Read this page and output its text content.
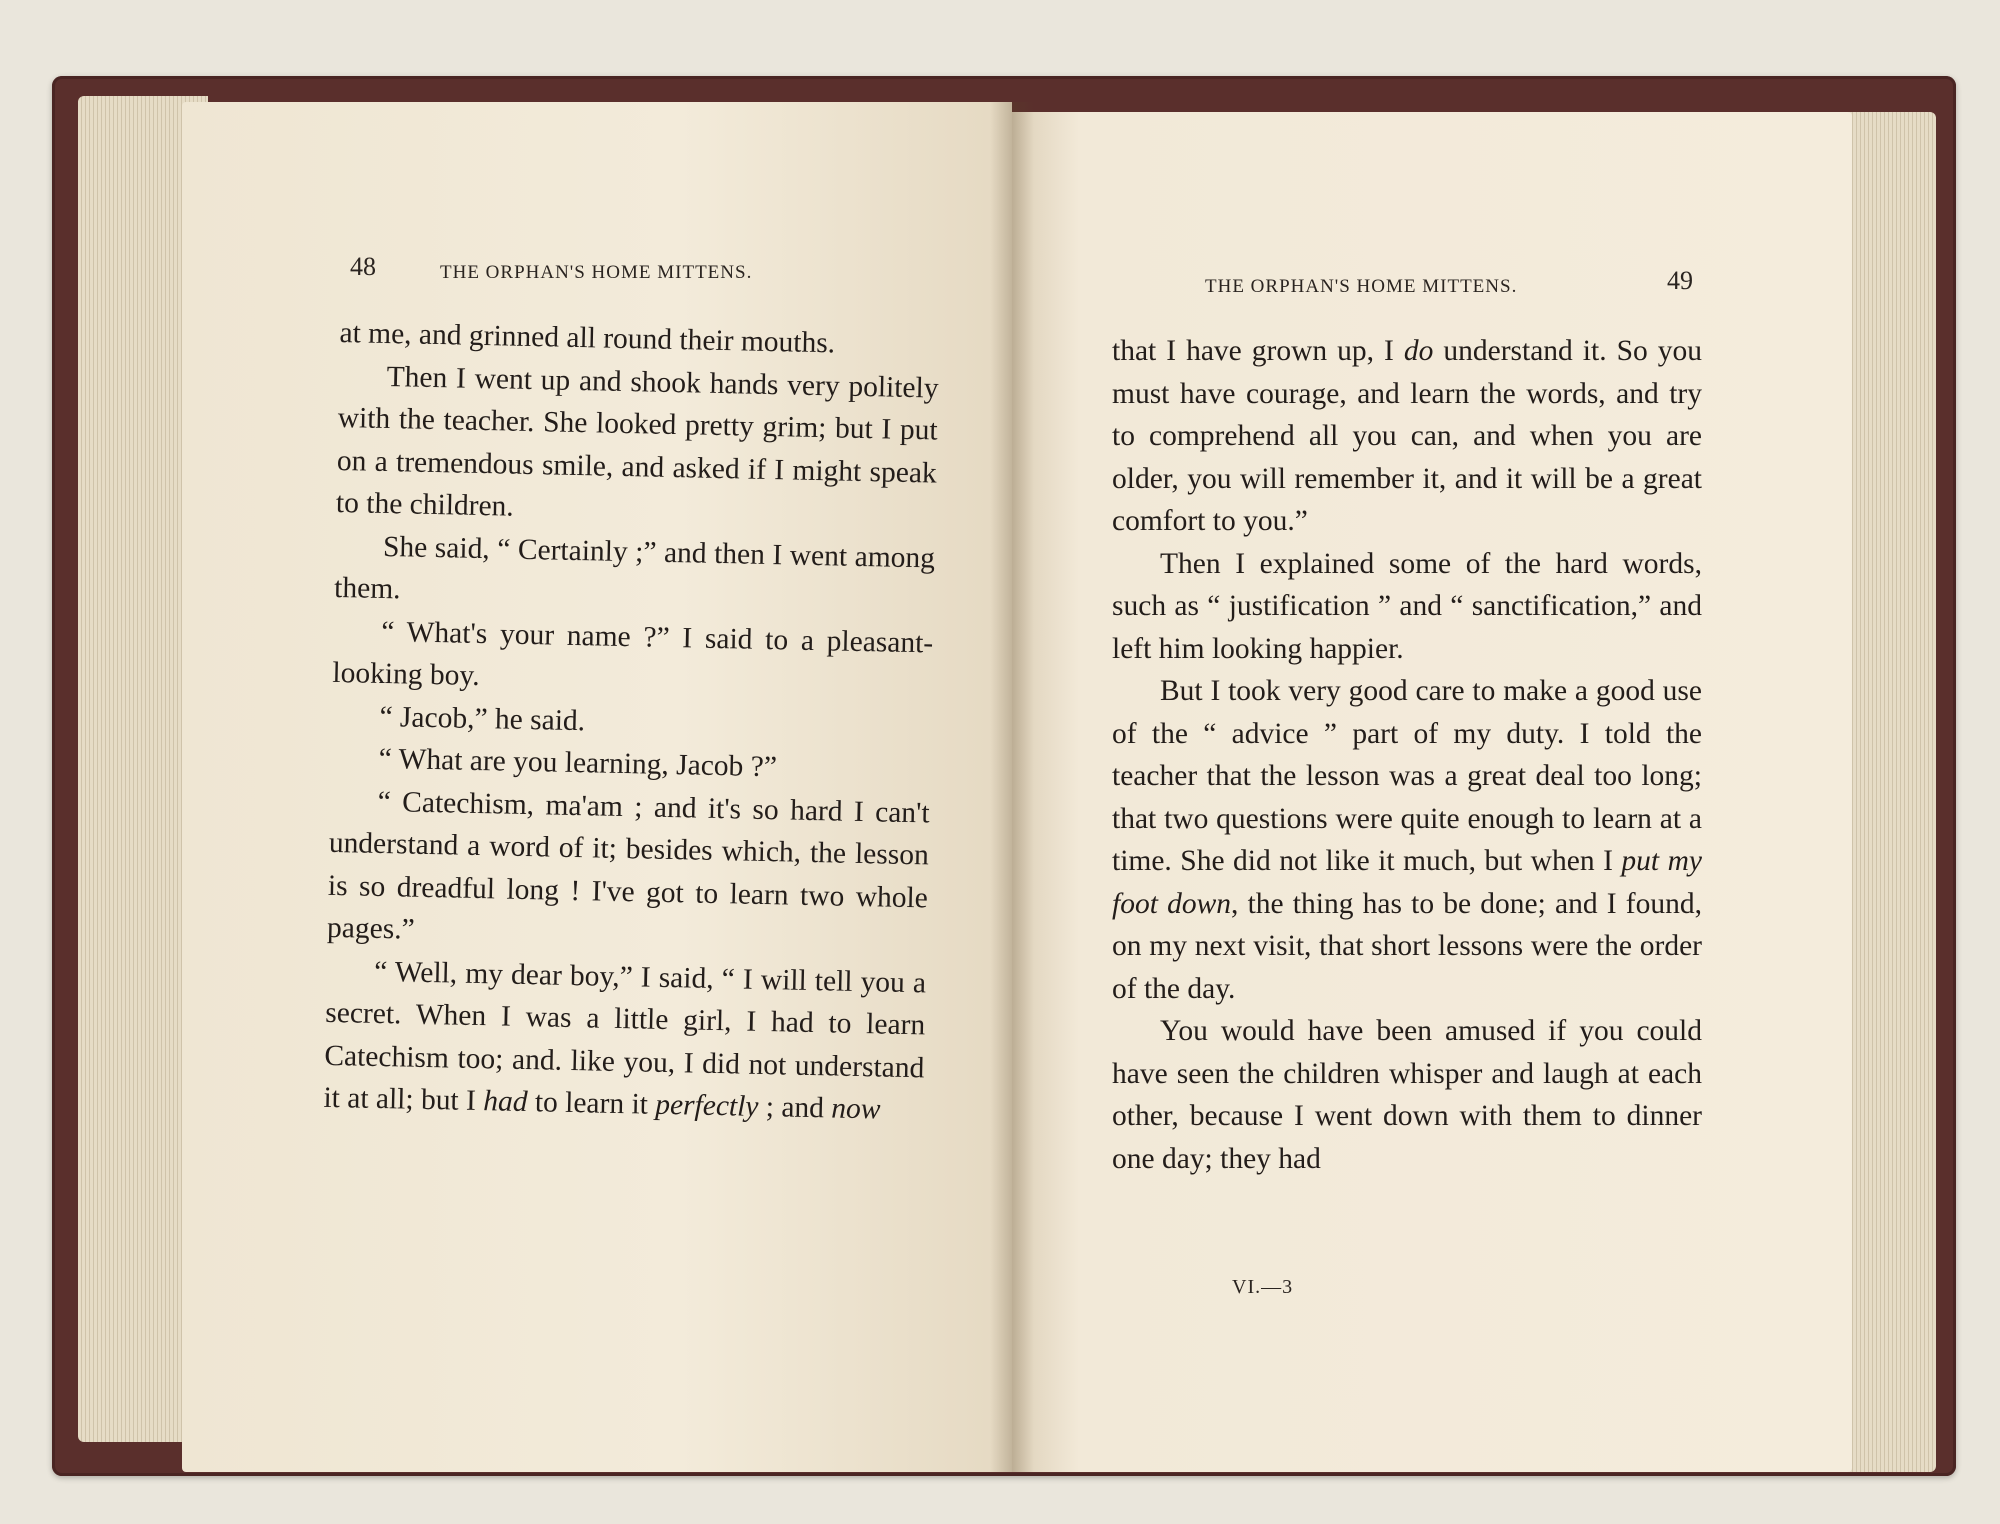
48	THE ORPHAN'S HOME MITTENS.

at me, and grinned all round their mouths.

Then I went up and shook hands very politely with the teacher. She looked pretty grim; but I put on a tremendous smile, and asked if I might speak to the children.

She said, “ Certainly ;” and then I went among them.

“ What's your name ?” I said to a pleasant-looking boy.

“ Jacob,” he said.

“ What are you learning, Jacob ?”

“ Catechism, ma'am ; and it's so hard I can't understand a word of it; besides which, the lesson is so dreadful long ! I've got to learn two whole pages.”

“ Well, my dear boy,” I said, “ I will tell you a secret. When I was a little girl, I had to learn Catechism too; and. like you, I did not understand it at all; but I had to learn it perfectly ; and now

THE ORPHAN'S HOME MITTENS.	49

that I have grown up, I do understand it. So you must have courage, and learn the words, and try to comprehend all you can, and when you are older, you will remember it, and it will be a great comfort to you.”

Then I explained some of the hard words, such as “ justification ” and “ sanctification,” and left him looking happier.

But I took very good care to make a good use of the “ advice ” part of my duty. I told the teacher that the lesson was a great deal too long; that two questions were quite enough to learn at a time. She did not like it much, but when I put my foot down, the thing has to be done; and I found, on my next visit, that short lessons were the order of the day.

You would have been amused if you could have seen the children whisper and laugh at each other, because I went down with them to dinner one day; they had

VI.—3
